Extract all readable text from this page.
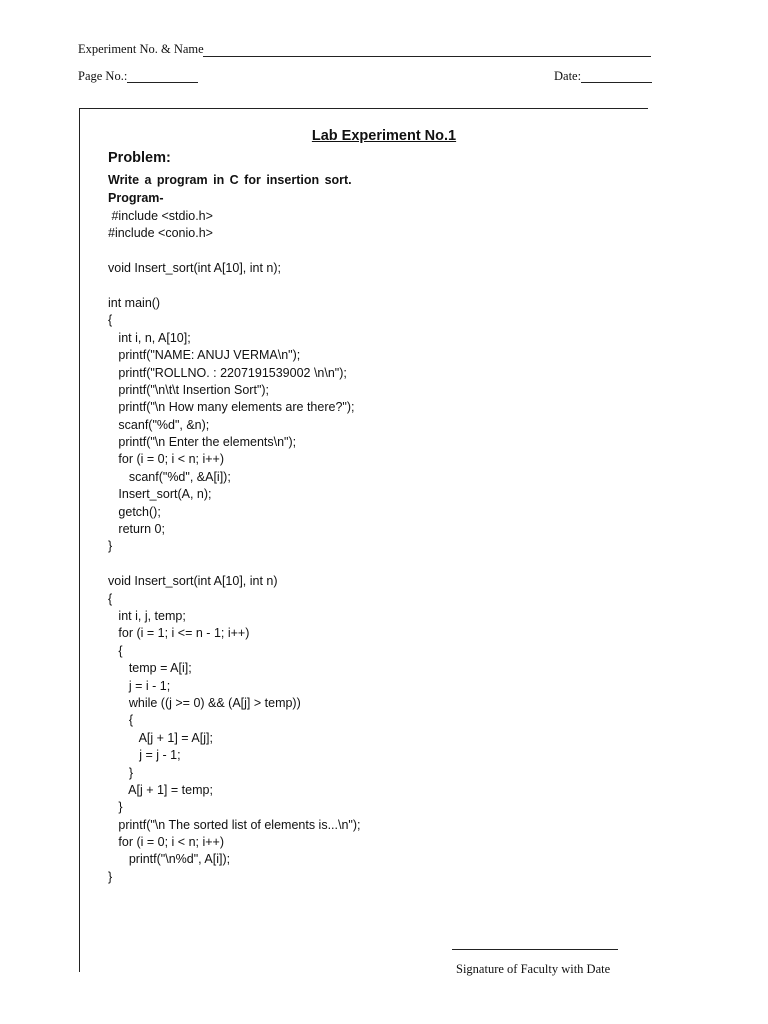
Experiment No. & Name
Page No.:	Date:
Lab Experiment No.1
Problem:
Write a program in C for insertion sort.
Program-
#include <stdio.h>
#include <conio.h>
void Insert_sort(int A[10], int n);
int main()
{
int i, n, A[10];
printf("NAME: ANUJ VERMA\n");
printf("ROLLNO. : 2207191539002 \n\n");
printf("\n\t\t Insertion Sort");
printf("\n How many elements are there?");
scanf("%d", &n);
printf("\n Enter the elements\n");
for (i = 0; i < n; i++)
scanf("%d", &A[i]);
Insert_sort(A, n);
getch();
return 0;
}
void Insert_sort(int A[10], int n)
{
int i, j, temp;
for (i = 1; i <= n - 1; i++)
{
temp = A[i];
j = i - 1;
while ((j >= 0) && (A[j] > temp))
{
A[j + 1] = A[j];
j = j - 1;
}
A[j + 1] = temp;
}
printf("\n The sorted list of elements is...\n");
for (i = 0; i < n; i++)
printf("\n%d", A[i]);
}
Signature of Faculty with Date
